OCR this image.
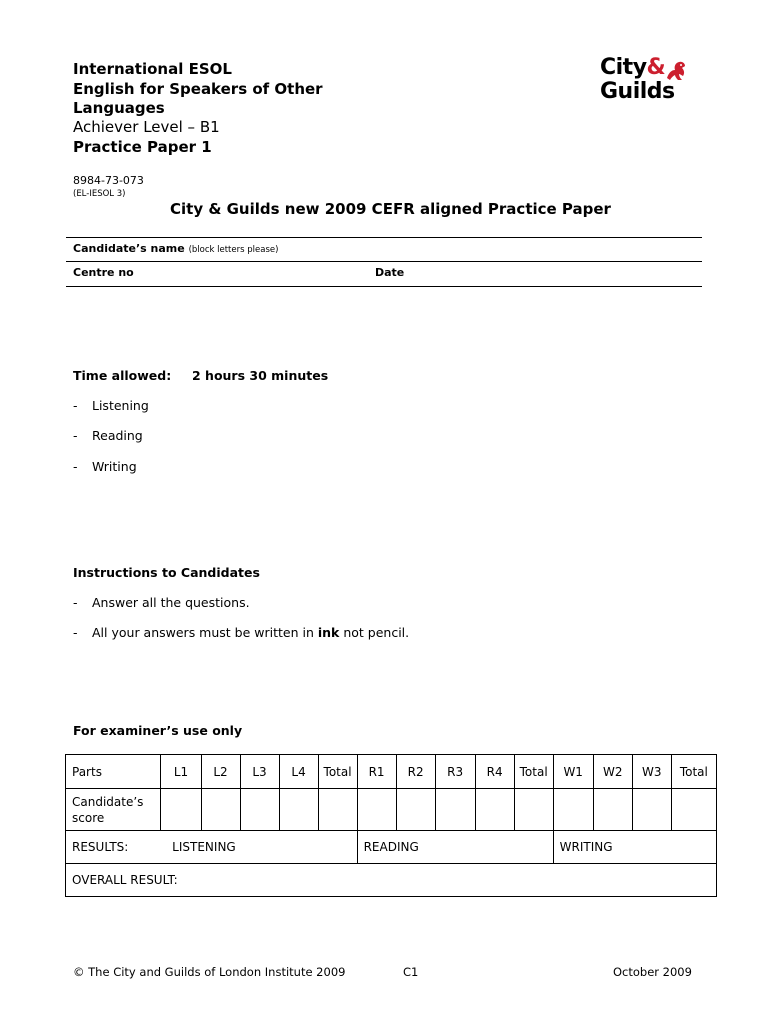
International ESOL
English for Speakers of Other
Languages
Achiever Level – B1
Practice Paper 1
8984-73-073
(EL-IESOL 3)
City & Guilds new 2009 CEFR aligned Practice Paper
City&
Guilds
Candidate’s name (block letters please)
Centre no	Date
Time allowed: 2 hours 30 minutes
- Listening
- Reading
- Writing
Instructions to Candidates
- Answer all the questions.
- All your answers must be written in ink not pencil.
For examiner’s use only
Parts	L1	L2	L3	L4	Total	R1	R2	R3	R4	Total	W1	W2	W3	Total
Candidate’s
score														
RESULTS: LISTENING						READING					WRITING			
OVERALL RESULT:														
© The City and Guilds of London Institute 2009	C1	October 2009
